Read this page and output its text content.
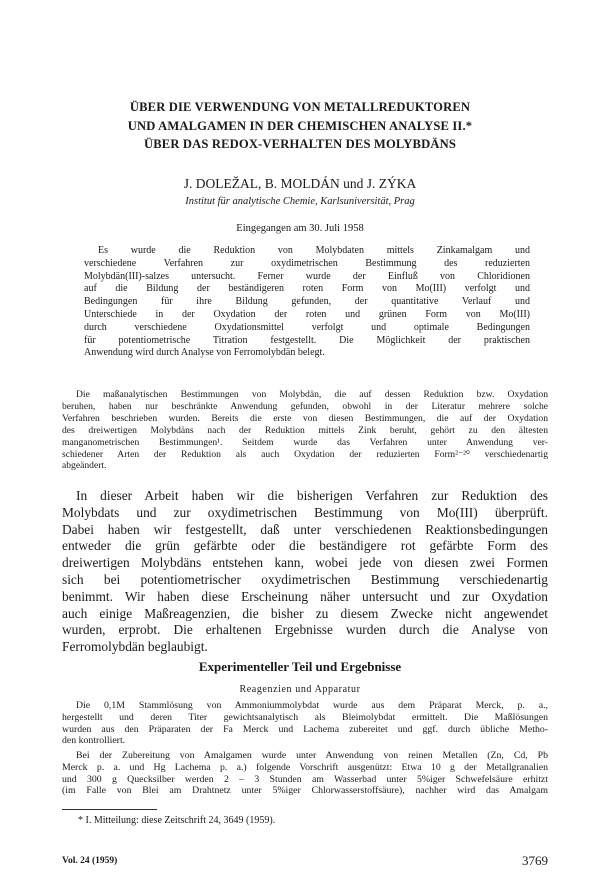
ÜBER DIE VERWENDUNG VON METALLREDUKTOREN
UND AMALGAMEN IN DER CHEMISCHEN ANALYSE II.*
ÜBER DAS REDOX-VERHALTEN DES MOLYBDÄNS
J. DOLEŽAL, B. MOLDÁN und J. ZÝKA
Institut für analytische Chemie, Karlsuniversität, Prag
Eingegangen am 30. Juli 1958
Es wurde die Reduktion von Molybdaten mittels Zinkamalgam und
verschiedene Verfahren zur oxydimetrischen Bestimmung des reduzierten
Molybdän(III)-salzes untersucht. Ferner wurde der Einfluß von Chloridionen
auf die Bildung der beständigeren roten Form von Mo(III) verfolgt und
Bedingungen für ihre Bildung gefunden, der quantitative Verlauf und
Unterschiede in der Oxydation der roten und grünen Form von Mo(III)
durch verschiedene Oxydationsmittel verfolgt und optimale Bedingungen
für potentiometrische Titration festgestellt. Die Möglichkeit der praktischen
Anwendung wird durch Analyse von Ferromolybdän belegt.
Die maßanalytischen Bestimmungen von Molybdän, die auf dessen Reduktion bzw. Oxydation
beruhen, haben nur beschränkte Anwendung gefunden, obwohl in der Literatur mehrere solche
Verfahren beschrieben wurden. Bereits die erste von diesen Bestimmungen, die auf der Oxydation
des dreiwertigen Molybdäns nach der Reduktion mittels Zink beruht, gehört zu den ältesten
manganometrischen Bestimmungen¹. Seitdem wurde das Verfahren unter Anwendung ver-
schiedener Arten der Reduktion als auch Oxydation der reduzierten Form²⁻²⁰ verschiedenartig
abgeändert.
In dieser Arbeit haben wir die bisherigen Verfahren zur Reduktion des
Molybdats und zur oxydimetrischen Bestimmung von Mo(III) überprüft.
Dabei haben wir festgestellt, daß unter verschiedenen Reaktionsbedingungen
entweder die grün gefärbte oder die beständigere rot gefärbte Form des
dreiwertigen Molybdäns entstehen kann, wobei jede von diesen zwei Formen
sich bei potentiometrischer oxydimetrischen Bestimmung verschiedenartig
benimmt. Wir haben diese Erscheinung näher untersucht und zur Oxydation
auch einige Maßreagenzien, die bisher zu diesem Zwecke nicht angewendet
wurden, erprobt. Die erhaltenen Ergebnisse wurden durch die Analyse von
Ferromolybdän beglaubigt.
Experimenteller Teil und Ergebnisse
Reagenzien und Apparatur
Die 0,1M Stammlösung von Ammoniummolybdat wurde aus dem Präparat Merck, p. a.,
hergestellt und deren Titer gewichtsanalytisch als Bleimolybdat ermittelt. Die Maßlösungen
wurden aus den Präparaten der Fa Merck und Lachema zubereitet und ggf. durch übliche Metho-
den kontrolliert.
Bei der Zubereitung von Amalgamen wurde unter Anwendung von reinen Metallen (Zn, Cd, Pb
Merck p. a. und Hg Lachema p. a.) folgende Vorschrift ausgenützt: Etwa 10 g der Metallgranalien
und 300 g Quecksilber werden 2 – 3 Stunden am Wasserbad unter 5%iger Schwefelsäure erhitzt
(im Falle von Blei am Drahtnetz unter 5%iger Chlorwasserstoffsäure), nachher wird das Amalgam
* I. Mitteilung: diese Zeitschrift 24, 3649 (1959).
Vol. 24 (1959)	3769
